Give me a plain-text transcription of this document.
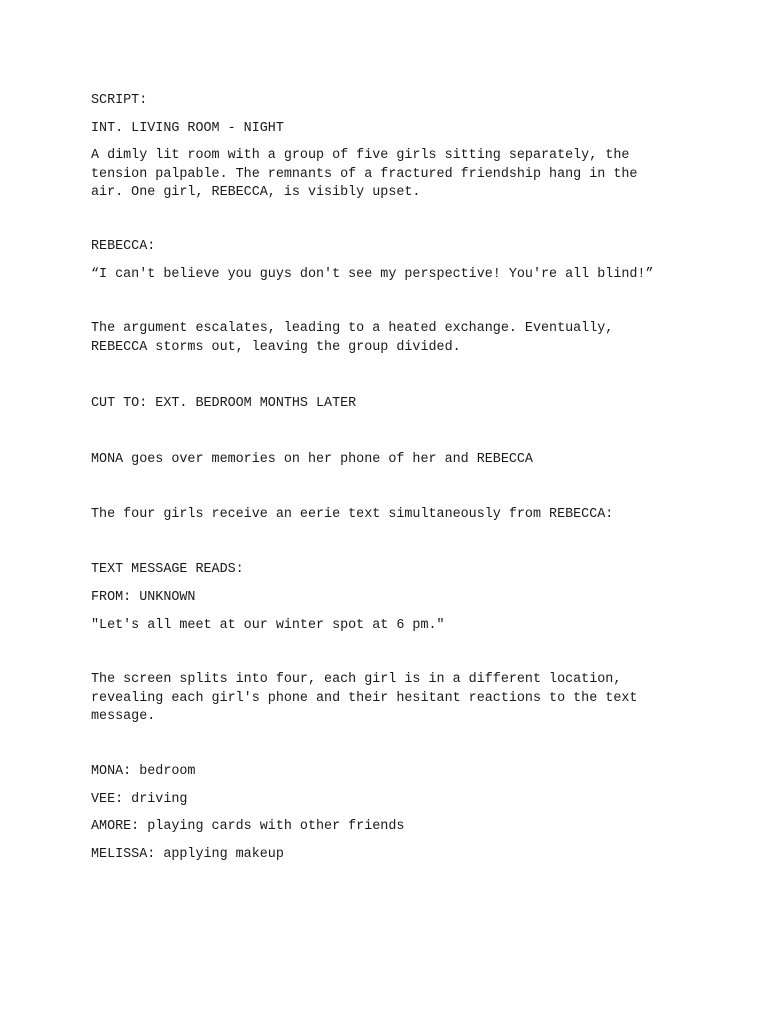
SCRIPT:

INT. LIVING ROOM - NIGHT

A dimly lit room with a group of five girls sitting separately, the
tension palpable. The remnants of a fractured friendship hang in the
air. One girl, REBECCA, is visibly upset.

REBECCA:

“I can't believe you guys don't see my perspective! You're all blind!”

The argument escalates, leading to a heated exchange. Eventually,
REBECCA storms out, leaving the group divided.

CUT TO: EXT. BEDROOM MONTHS LATER

MONA goes over memories on her phone of her and REBECCA

The four girls receive an eerie text simultaneously from REBECCA:

TEXT MESSAGE READS:

FROM: UNKNOWN

"Let's all meet at our winter spot at 6 pm."

The screen splits into four, each girl is in a different location,
revealing each girl's phone and their hesitant reactions to the text
message.

MONA: bedroom

VEE: driving

AMORE: playing cards with other friends

MELISSA: applying makeup
